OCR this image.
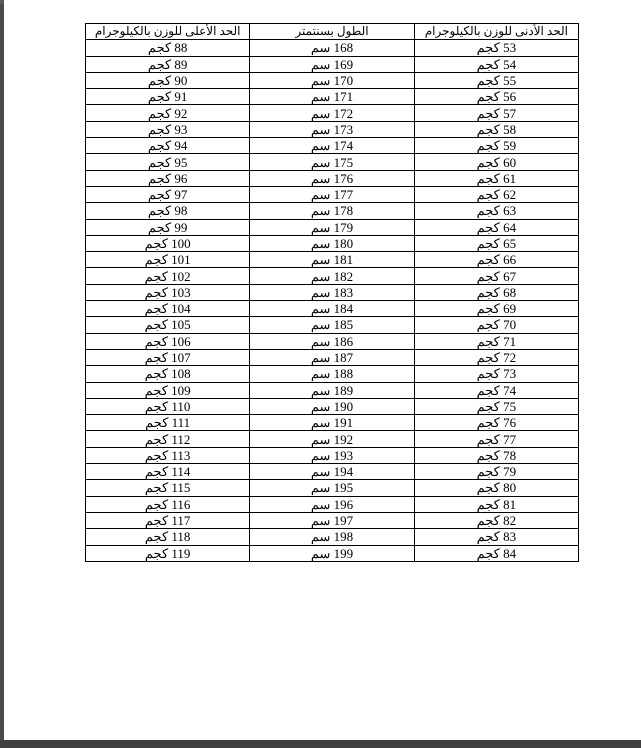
الحد الأدنى للوزن بالكيلوجرام	الطول بسنتمتر	الحد الأعلى للوزن بالكيلوجرام
53 كجم	168 سم	88 كجم
54 كجم	169 سم	89 كجم
55 كجم	170 سم	90 كجم
56 كجم	171 سم	91 كجم
57 كجم	172 سم	92 كجم
58 كجم	173 سم	93 كجم
59 كجم	174 سم	94 كجم
60 كجم	175 سم	95 كجم
61 كجم	176 سم	96 كجم
62 كجم	177 سم	97 كجم
63 كجم	178 سم	98 كجم
64 كجم	179 سم	99 كجم
65 كجم	180 سم	100 كجم
66 كجم	181 سم	101 كجم
67 كجم	182 سم	102 كجم
68 كجم	183 سم	103 كجم
69 كجم	184 سم	104 كجم
70 كجم	185 سم	105 كجم
71 كجم	186 سم	106 كجم
72 كجم	187 سم	107 كجم
73 كجم	188 سم	108 كجم
74 كجم	189 سم	109 كجم
75 كجم	190 سم	110 كجم
76 كجم	191 سم	111 كجم
77 كجم	192 سم	112 كجم
78 كجم	193 سم	113 كجم
79 كجم	194 سم	114 كجم
80 كجم	195 سم	115 كجم
81 كجم	196 سم	116 كجم
82 كجم	197 سم	117 كجم
83 كجم	198 سم	118 كجم
84 كجم	199 سم	119 كجم
